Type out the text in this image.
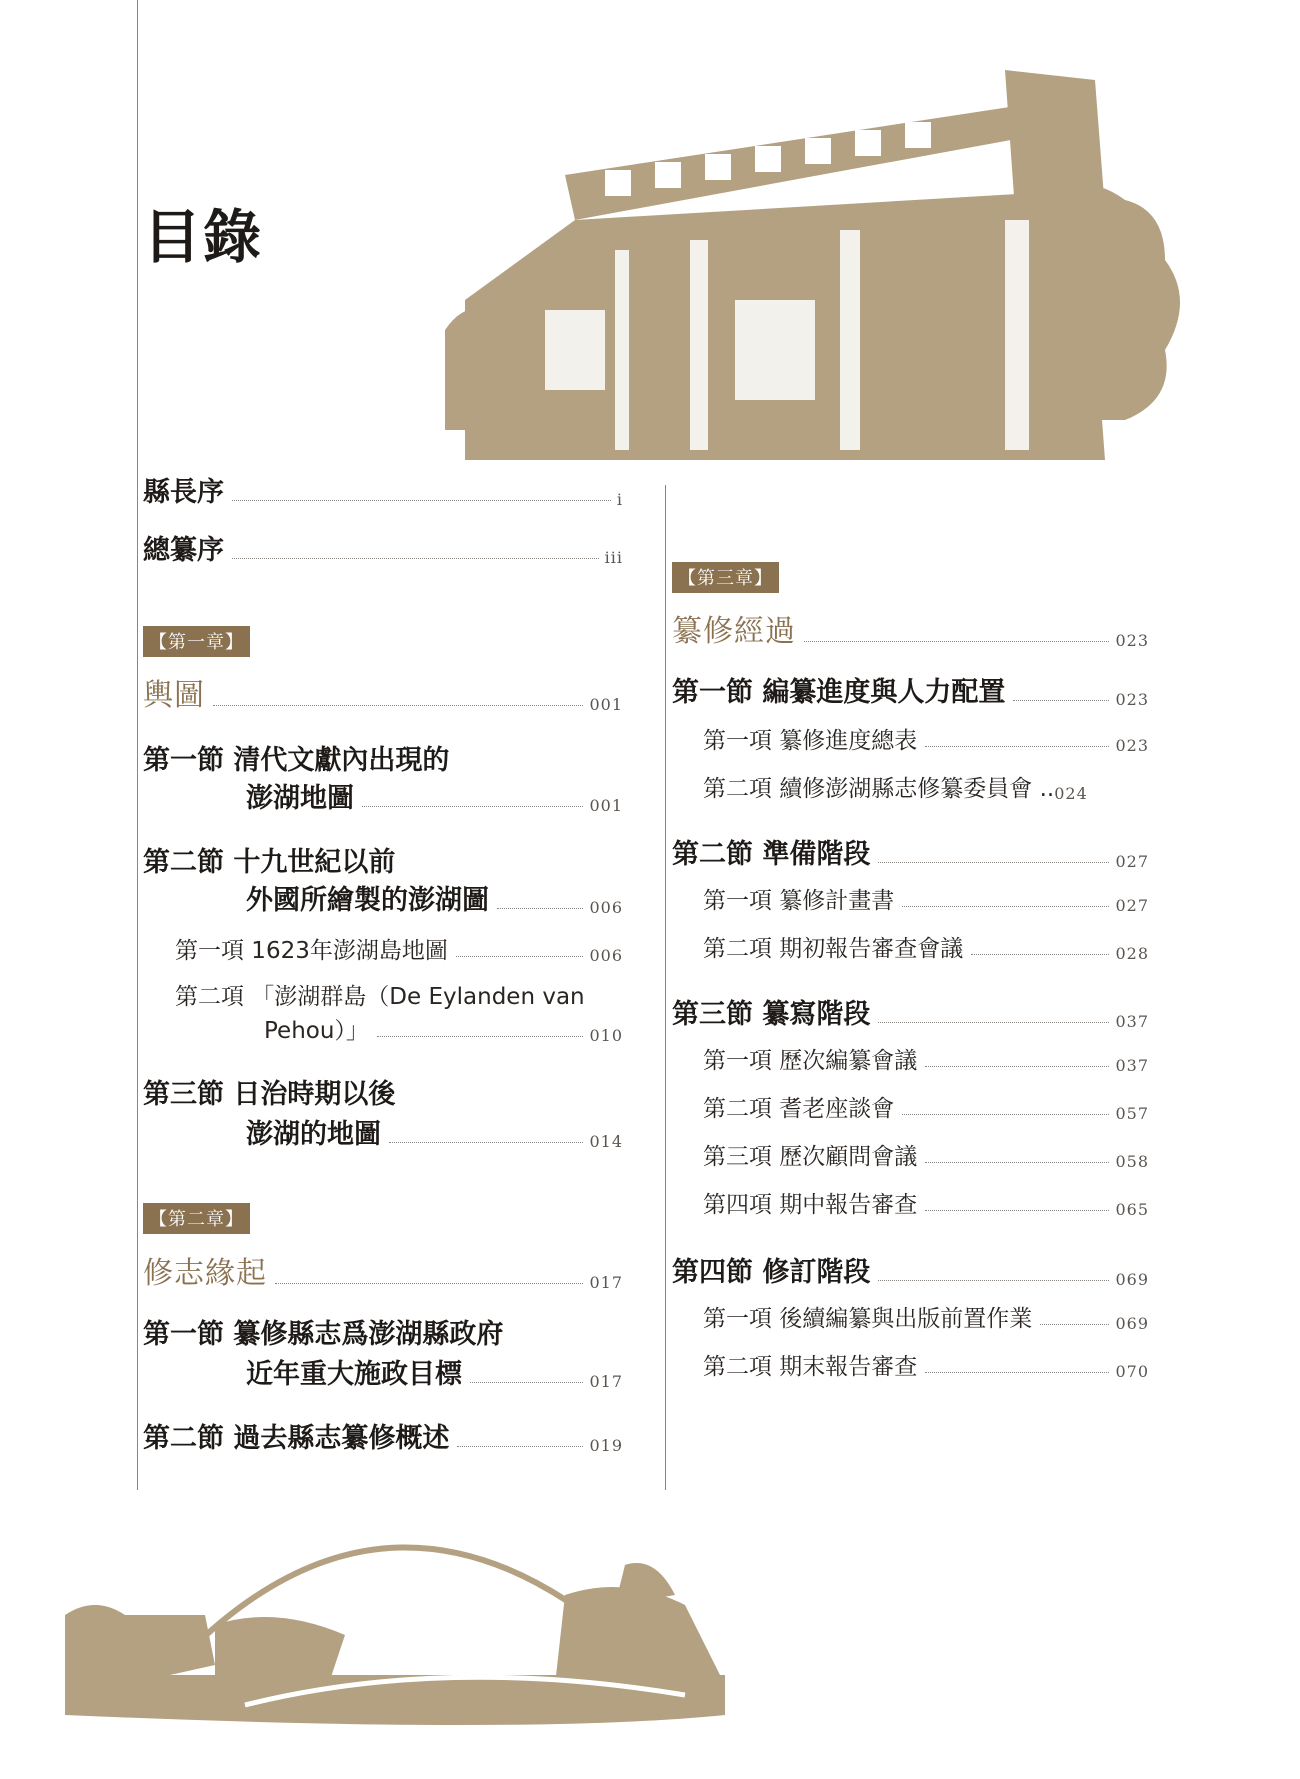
目錄
縣長序	i
總纂序	iii
【第一章】
輿圖	001
第一節 清代文獻內出現的
澎湖地圖	001
第二節 十九世紀以前
外國所繪製的澎湖圖	006
第一項 1623年澎湖島地圖	006
第二項 「澎湖群島（De Eylanden van
Pehou）」	010
第三節 日治時期以後
澎湖的地圖	014
【第二章】
修志緣起	017
第一節 纂修縣志爲澎湖縣政府
近年重大施政目標	017
第二節 過去縣志纂修概述	019
【第三章】
纂修經過	023
第一節 編纂進度與人力配置	023
第一項 纂修進度總表	023
第二項 續修澎湖縣志修纂委員會 .. 024
第二節 準備階段	027
第一項 纂修計畫書	027
第二項 期初報告審查會議	028
第三節 纂寫階段	037
第一項 歷次編纂會議	037
第二項 耆老座談會	057
第三項 歷次顧問會議	058
第四項 期中報告審查	065
第四節 修訂階段	069
第一項 後續編纂與出版前置作業	069
第二項 期末報告審查	070
